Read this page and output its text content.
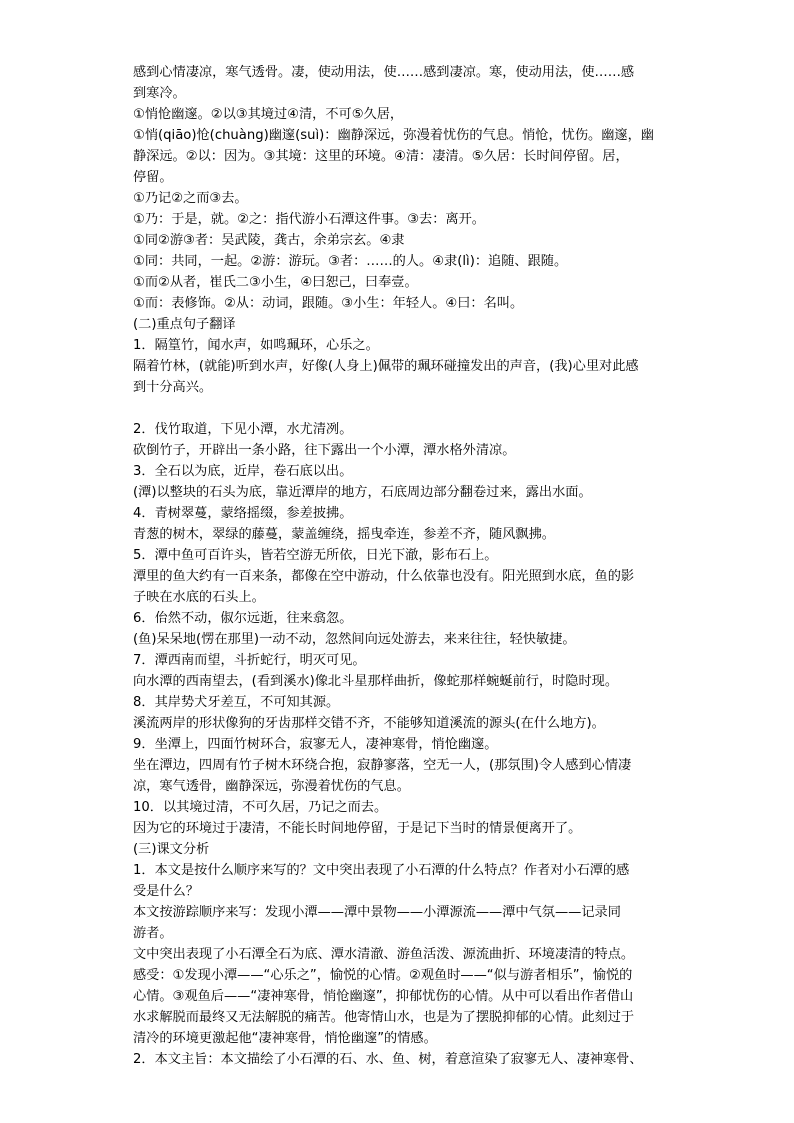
感到心情凄凉，寒气透骨。凄，使动用法，使……感到凄凉。寒，使动用法，使……感
到寒冷。
①悄怆幽邃。②以③其境过④清，不可⑤久居，
①悄(qiāo)怆(chuàng)幽邃(suì)：幽静深远，弥漫着忧伤的气息。悄怆，忧伤。幽邃，幽
静深远。②以：因为。③其境：这里的环境。④清：凄清。⑤久居：长时间停留。居，
停留。
①乃记②之而③去。
①乃：于是，就。②之：指代游小石潭这件事。③去：离开。
①同②游③者：吴武陵，龚古，余弟宗玄。④隶
①同：共同，一起。②游：游玩。③者：……的人。④隶(lì)：追随、跟随。
①而②从者，崔氏二③小生，④曰恕己，曰奉壹。
①而：表修饰。②从：动词，跟随。③小生：年轻人。④曰：名叫。
(二)重点句子翻译
1．隔篁竹，闻水声，如鸣珮环，心乐之。
隔着竹林，(就能)听到水声，好像(人身上)佩带的珮环碰撞发出的声音，(我)心里对此感
到十分高兴。
2．伐竹取道，下见小潭，水尤清冽。
砍倒竹子，开辟出一条小路，往下露出一个小潭，潭水格外清凉。
3．全石以为底，近岸，卷石底以出。
(潭)以整块的石头为底，靠近潭岸的地方，石底周边部分翻卷过来，露出水面。
4．青树翠蔓，蒙络摇缀，参差披拂。
青葱的树木，翠绿的藤蔓，蒙盖缠绕，摇曳牵连，参差不齐，随风飘拂。
5．潭中鱼可百许头，皆若空游无所依，日光下澈，影布石上。
潭里的鱼大约有一百来条，都像在空中游动，什么依靠也没有。阳光照到水底，鱼的影
子映在水底的石头上。
6．佁然不动，俶尔远逝，往来翕忽。
(鱼)呆呆地(愣在那里)一动不动，忽然间向远处游去，来来往往，轻快敏捷。
7．潭西南而望，斗折蛇行，明灭可见。
向水潭的西南望去，(看到溪水)像北斗星那样曲折，像蛇那样蜿蜒前行，时隐时现。
8．其岸势犬牙差互，不可知其源。
溪流两岸的形状像狗的牙齿那样交错不齐，不能够知道溪流的源头(在什么地方)。
9．坐潭上，四面竹树环合，寂寥无人，凄神寒骨，悄怆幽邃。
坐在潭边，四周有竹子树木环绕合抱，寂静寥落，空无一人，(那氛围)令人感到心情凄
凉，寒气透骨，幽静深远，弥漫着忧伤的气息。
10．以其境过清，不可久居，乃记之而去。
因为它的环境过于凄清，不能长时间地停留，于是记下当时的情景便离开了。
(三)课文分析
1．本文是按什么顺序来写的？文中突出表现了小石潭的什么特点？作者对小石潭的感
受是什么？
本文按游踪顺序来写：发现小潭——潭中景物——小潭源流——潭中气氛——记录同
游者。
文中突出表现了小石潭全石为底、潭水清澈、游鱼活泼、源流曲折、环境凄清的特点。
感受：①发现小潭——“心乐之”，愉悦的心情。②观鱼时——“似与游者相乐”，愉悦的
心情。③观鱼后——“凄神寒骨，悄怆幽邃”，抑郁忧伤的心情。从中可以看出作者借山
水求解脱而最终又无法解脱的痛苦。他寄情山水，也是为了摆脱抑郁的心情。此刻过于
清冷的环境更激起他“凄神寒骨，悄怆幽邃”的情感。
2．本文主旨：本文描绘了小石潭的石、水、鱼、树，着意渲染了寂寥无人、凄神寒骨、
